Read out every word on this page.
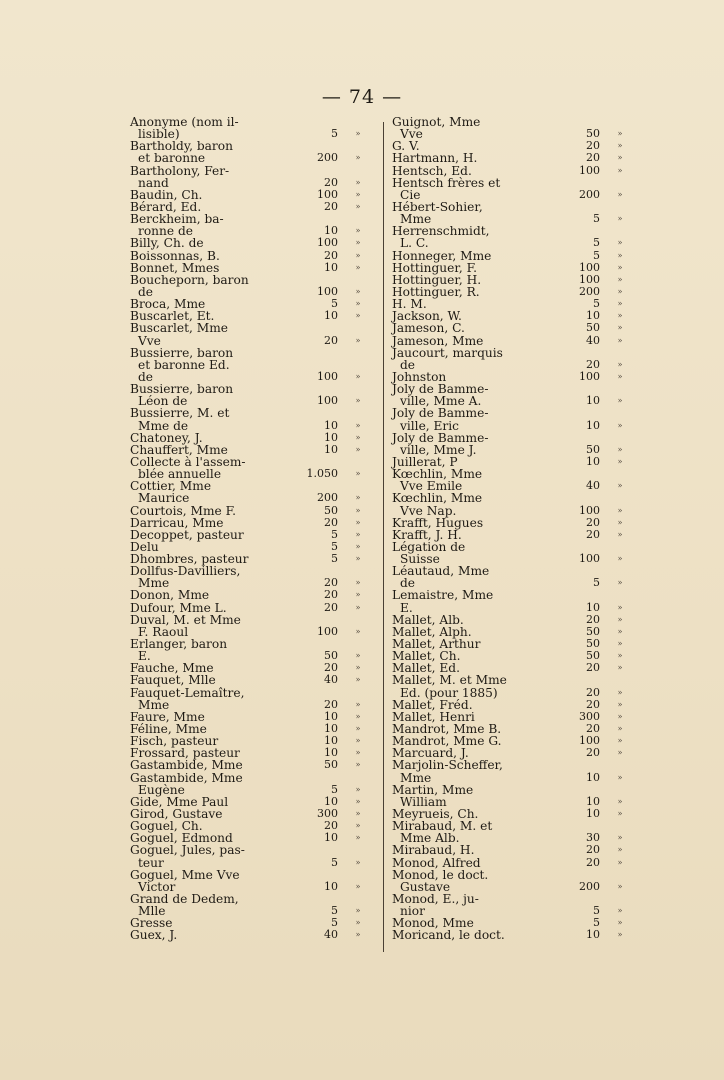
— 74 —
Anonyme (nom il-
lisible)	5	»
Bartholdy, baron
et baronne	200	»
Bartholony, Fer-
nand	20	»
Baudin, Ch.	100	»
Bérard, Ed.	20	»
Berckheim, ba-
ronne de	10	»
Billy, Ch. de	100	»
Boissonnas, B.	20	»
Bonnet, Mmes	10	»
Boucheporn, baron
de	100	»
Broca, Mme	5	»
Buscarlet, Et.	10	»
Buscarlet, Mme
Vve	20	»
Bussierre, baron
et baronne Ed.
de	100	»
Bussierre, baron
Léon de	100	»
Bussierre, M. et
Mme de	10	»
Chatoney, J.	10	»
Chauffert, Mme	10	»
Collecte à l'assem-
blée annuelle	1.050	»
Cottier, Mme
Maurice	200	»
Courtois, Mme F.	50	»
Darricau, Mme	20	»
Decoppet, pasteur	5	»
Delu	5	»
Dhombres, pasteur	5	»
Dollfus-Davilliers,
Mme	20	»
Donon, Mme	20	»
Dufour, Mme L.	20	»
Duval, M. et Mme
F. Raoul	100	»
Erlanger, baron
E.	50	»
Fauche, Mme	20	»
Fauquet, Mlle	40	»
Fauquet-Lemaître,
Mme	20	»
Faure, Mme	10	»
Féline, Mme	10	»
Fisch, pasteur	10	»
Frossard, pasteur	10	»
Gastambide, Mme	50	»
Gastambide, Mme
Eugène	5	»
Gide, Mme Paul	10	»
Girod, Gustave	300	»
Goguel, Ch.	20	»
Goguel, Edmond	10	»
Goguel, Jules, pas-
teur	5	»
Goguel, Mme Vve
Victor	10	»
Grand de Dedem,
Mlle	5	»
Gresse	5	»
Guex, J.	40	»
Guignot, Mme
Vve	50	»
G. V.	20	»
Hartmann, H.	20	»
Hentsch, Ed.	100	»
Hentsch frères et
Cie	200	»
Hébert-Sohier,
Mme	5	»
Herrenschmidt,
L. C.	5	»
Honneger, Mme	5	»
Hottinguer, F.	100	»
Hottinguer, H.	100	»
Hottinguer, R.	200	»
H. M.	5	»
Jackson, W.	10	»
Jameson, C.	50	»
Jameson, Mme	40	»
Jaucourt, marquis
de	20	»
Johnston	100	»
Joly de Bamme-
ville, Mme A.	10	»
Joly de Bamme-
ville, Eric	10	»
Joly de Bamme-
ville, Mme J.	50	»
Juillerat, P	10	»
Kœchlin, Mme
Vve Emile	40	»
Kœchlin, Mme
Vve Nap.	100	»
Krafft, Hugues	20	»
Krafft, J. H.	20	»
Légation de
Suisse	100	»
Léautaud, Mme
de	5	»
Lemaistre, Mme
E.	10	»
Mallet, Alb.	20	»
Mallet, Alph.	50	»
Mallet, Arthur	50	»
Mallet, Ch.	50	»
Mallet, Ed.	20	»
Mallet, M. et Mme
Ed. (pour 1885)	20	»
Mallet, Fréd.	20	»
Mallet, Henri	300	»
Mandrot, Mme B.	20	»
Mandrot, Mme G.	100	»
Marcuard, J.	20	»
Marjolin-Scheffer,
Mme	10	»
Martin, Mme
William	10	»
Meyrueis, Ch.	10	»
Mirabaud, M. et
Mme Alb.	30	»
Mirabaud, H.	20	»
Monod, Alfred	20	»
Monod, le doct.
Gustave	200	»
Monod, E., ju-
nior	5	»
Monod, Mme	5	»
Moricand, le doct.	10	»
